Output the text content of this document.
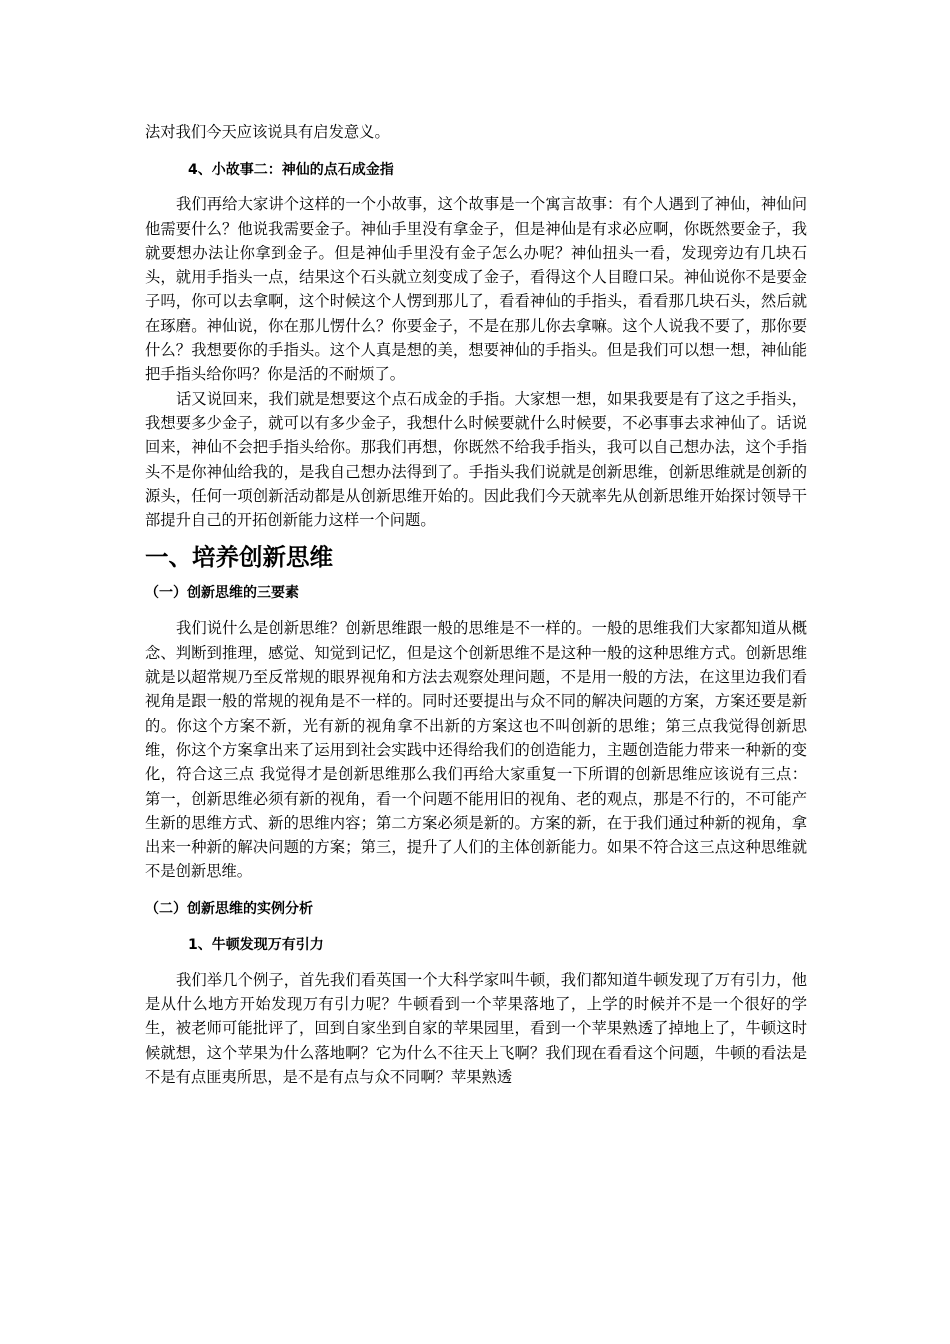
法对我们今天应该说具有启发意义。

4、小故事二：神仙的点石成金指

我们再给大家讲个这样的一个小故事，这个故事是一个寓言故事：有个人遇到了神仙，神仙问他需要什么？他说我需要金子。神仙手里没有拿金子，但是神仙是有求必应啊，你既然要金子，我就要想办法让你拿到金子。但是神仙手里没有金子怎么办呢？神仙扭头一看，发现旁边有几块石头，就用手指头一点，结果这个石头就立刻变成了金子，看得这个人目瞪口呆。神仙说你不是要金子吗，你可以去拿啊，这个时候这个人愣到那儿了，看看神仙的手指头，看看那几块石头，然后就在琢磨。神仙说，你在那儿愣什么？你要金子，不是在那儿你去拿嘛。这个人说我不要了，那你要什么？我想要你的手指头。这个人真是想的美，想要神仙的手指头。但是我们可以想一想，神仙能把手指头给你吗？你是活的不耐烦了。

话又说回来，我们就是想要这个点石成金的手指。大家想一想，如果我要是有了这之手指头，我想要多少金子，就可以有多少金子，我想什么时候要就什么时候要，不必事事去求神仙了。话说回来，神仙不会把手指头给你。那我们再想，你既然不给我手指头，我可以自己想办法，这个手指头不是你神仙给我的，是我自己想办法得到了。手指头我们说就是创新思维，创新思维就是创新的源头，任何一项创新活动都是从创新思维开始的。因此我们今天就率先从创新思维开始探讨领导干部提升自己的开拓创新能力这样一个问题。

一、培养创新思维
（一）创新思维的三要素

我们说什么是创新思维？创新思维跟一般的思维是不一样的。一般的思维我们大家都知道从概念、判断到推理，感觉、知觉到记忆，但是这个创新思维不是这种一般的这种思维方式。创新思维就是以超常规乃至反常规的眼界视角和方法去观察处理问题，不是用一般的方法，在这里边我们看视角是跟一般的常规的视角是不一样的。同时还要提出与众不同的解决问题的方案，方案还要是新的。你这个方案不新，光有新的视角拿不出新的方案这也不叫创新的思维；第三点我觉得创新思维，你这个方案拿出来了运用到社会实践中还得给我们的创造能力，主题创造能力带来一种新的变化，符合这三点 我觉得才是创新思维那么我们再给大家重复一下所谓的创新思维应该说有三点：第一，创新思维必须有新的视角，看一个问题不能用旧的视角、老的观点，那是不行的，不可能产生新的思维方式、新的思维内容；第二方案必须是新的。方案的新，在于我们通过种新的视角，拿出来一种新的解决问题的方案；第三，提升了人们的主体创新能力。如果不符合这三点这种思维就不是创新思维。

（二）创新思维的实例分析
1、牛顿发现万有引力

我们举几个例子，首先我们看英国一个大科学家叫牛顿，我们都知道牛顿发现了万有引力，他是从什么地方开始发现万有引力呢？牛顿看到一个苹果落地了，上学的时候并不是一个很好的学生，被老师可能批评了，回到自家坐到自家的苹果园里，看到一个苹果熟透了掉地上了，牛顿这时候就想，这个苹果为什么落地啊？它为什么不往天上飞啊？我们现在看看这个问题，牛顿的看法是不是有点匪夷所思，是不是有点与众不同啊？苹果熟透
